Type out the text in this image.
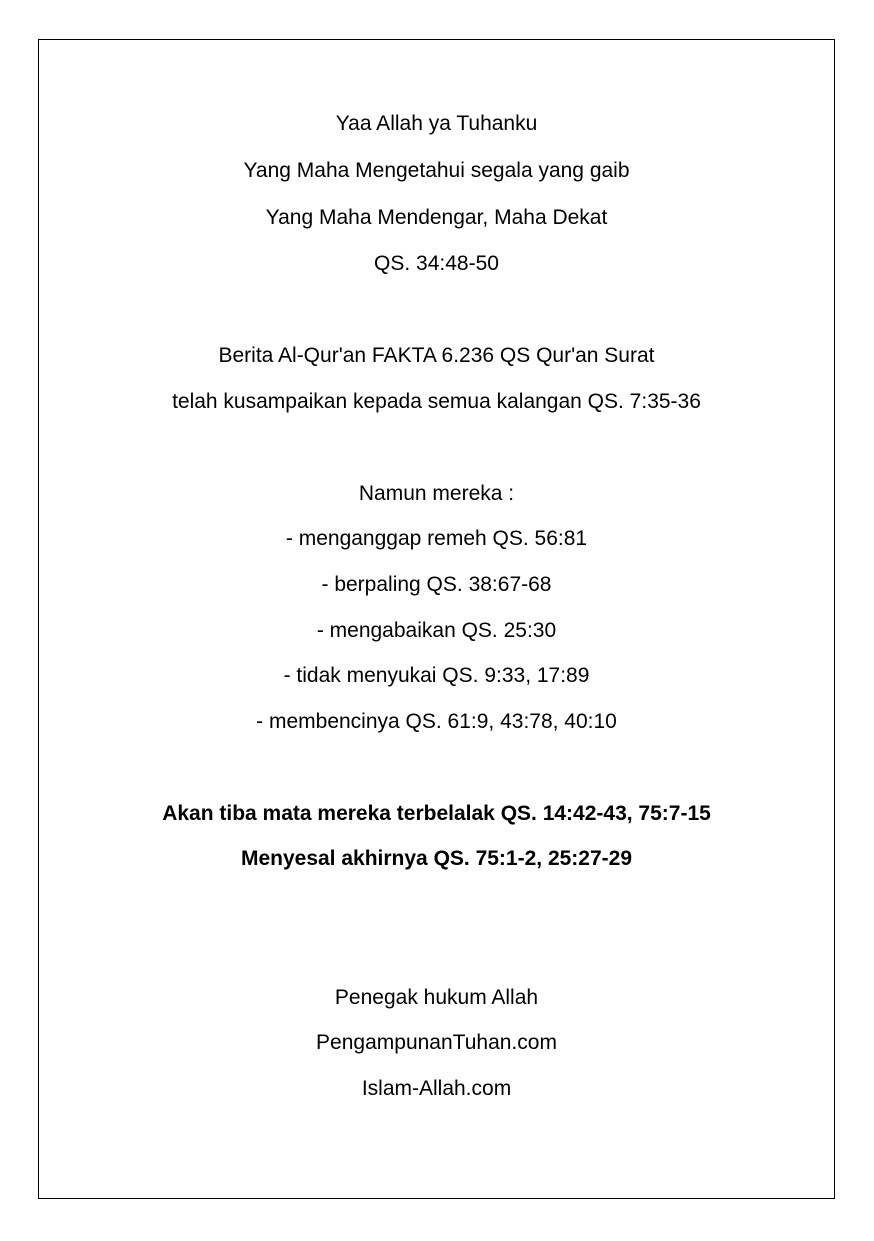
Yaa Allah ya Tuhanku
Yang Maha Mengetahui segala yang gaib
Yang Maha Mendengar, Maha Dekat
QS. 34:48-50
Berita Al-Qur'an FAKTA 6.236 QS Qur'an Surat
telah kusampaikan kepada semua kalangan QS. 7:35-36
Namun mereka :
- menganggap remeh QS. 56:81
- berpaling QS. 38:67-68
- mengabaikan QS. 25:30
- tidak menyukai QS. 9:33, 17:89
- membencinya QS. 61:9, 43:78, 40:10
Akan tiba mata mereka terbelalak QS. 14:42-43, 75:7-15
Menyesal akhirnya QS. 75:1-2, 25:27-29
Penegak hukum Allah
PengampunanTuhan.com
Islam-Allah.com
